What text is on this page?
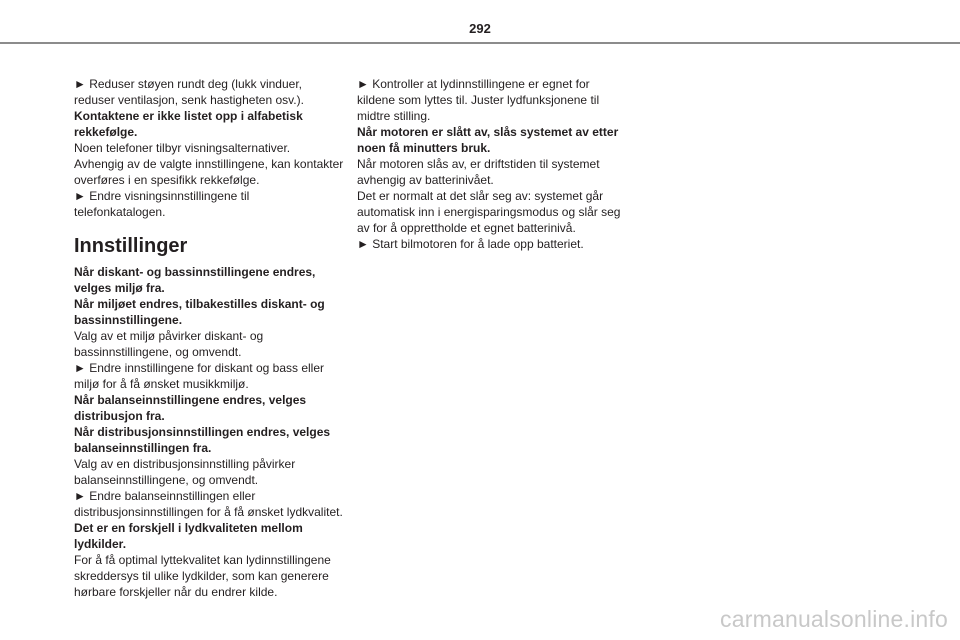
292

► Reduser støyen rundt deg (lukk vinduer, reduser ventilasjon, senk hastigheten osv.).

Kontaktene er ikke listet opp i alfabetisk rekkefølge.

Noen telefoner tilbyr visningsalternativer.

Avhengig av de valgte innstillingene, kan kontakter overføres i en spesifikk rekkefølge.

► Endre visningsinnstillingene til telefonkatalogen.

Innstillinger

Når diskant- og bassinnstillingene endres, velges miljø fra.

Når miljøet endres, tilbakestilles diskant- og bassinnstillingene.

Valg av et miljø påvirker diskant- og bassinnstillingene, og omvendt.

► Endre innstillingene for diskant og bass eller miljø for å få ønsket musikkmiljø.

Når balanseinnstillingene endres, velges distribusjon fra.

Når distribusjonsinnstillingen endres, velges balanseinnstillingen fra.

Valg av en distribusjonsinnstilling påvirker balanseinnstillingene, og omvendt.

► Endre balanseinnstillingen eller distribusjonsinnstillingen for å få ønsket lydkvalitet.

Det er en forskjell i lydkvaliteten mellom lydkilder.

For å få optimal lyttekvalitet kan lydinnstillingene skreddersys til ulike lydkilder, som kan generere hørbare forskjeller når du endrer kilde.

► Kontroller at lydinnstillingene er egnet for kildene som lyttes til. Juster lydfunksjonene til midtre stilling.

Når motoren er slått av, slås systemet av etter noen få minutters bruk.

Når motoren slås av, er driftstiden til systemet avhengig av batterinivået.

Det er normalt at det slår seg av: systemet går automatisk inn i energisparingsmodus og slår seg av for å opprettholde et egnet batterinivå.

► Start bilmotoren for å lade opp batteriet.

carmanualsonline.info
